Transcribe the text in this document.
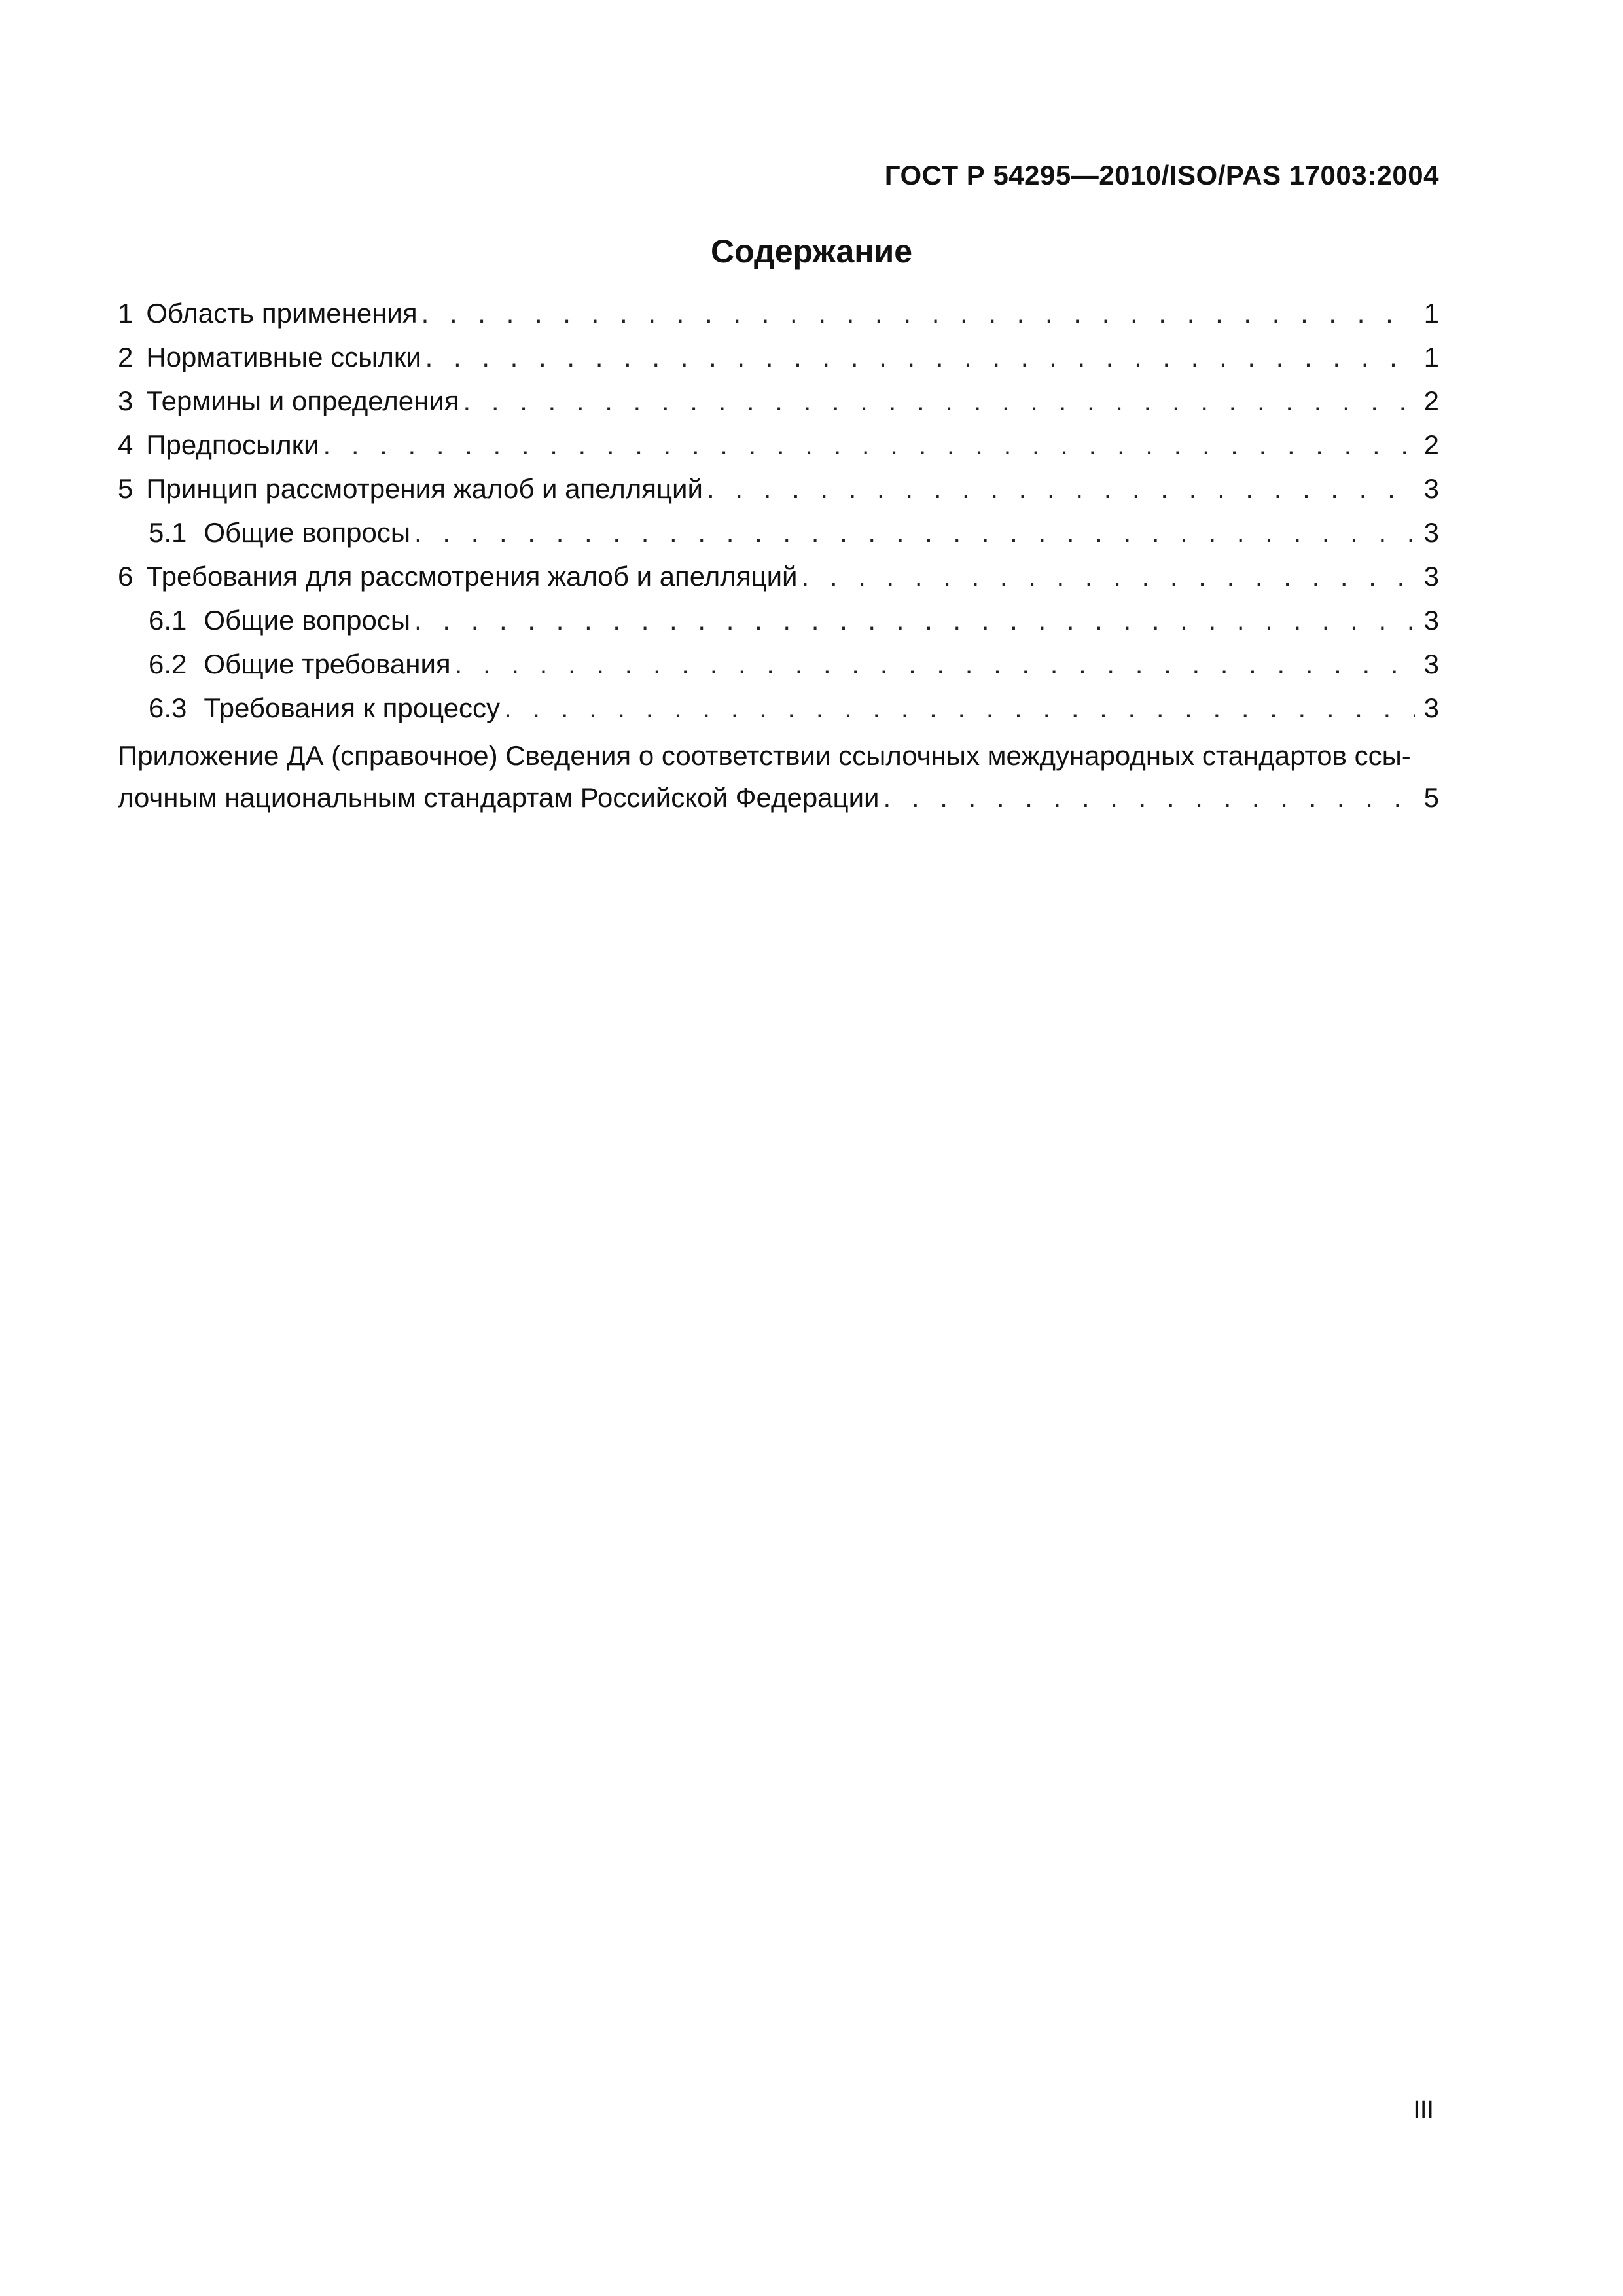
ГОСТ Р 54295—2010/ISO/PAS 17003:2004
Содержание
1 Область применения . . .	1
2 Нормативные ссылки . . .	1
3 Термины и определения . . .	2
4 Предпосылки . . .	2
5 Принцип рассмотрения жалоб и апелляций . . .	3
5.1 Общие вопросы . . .	3
6 Требования для рассмотрения жалоб и апелляций . . .	3
6.1 Общие вопросы . . .	3
6.2 Общие требования . . .	3
6.3 Требования к процессу . . .	3
Приложение ДА (справочное) Сведения о соответствии ссылочных международных стандартов ссы-
лочным национальным стандартам Российской Федерации . . .	5
III
